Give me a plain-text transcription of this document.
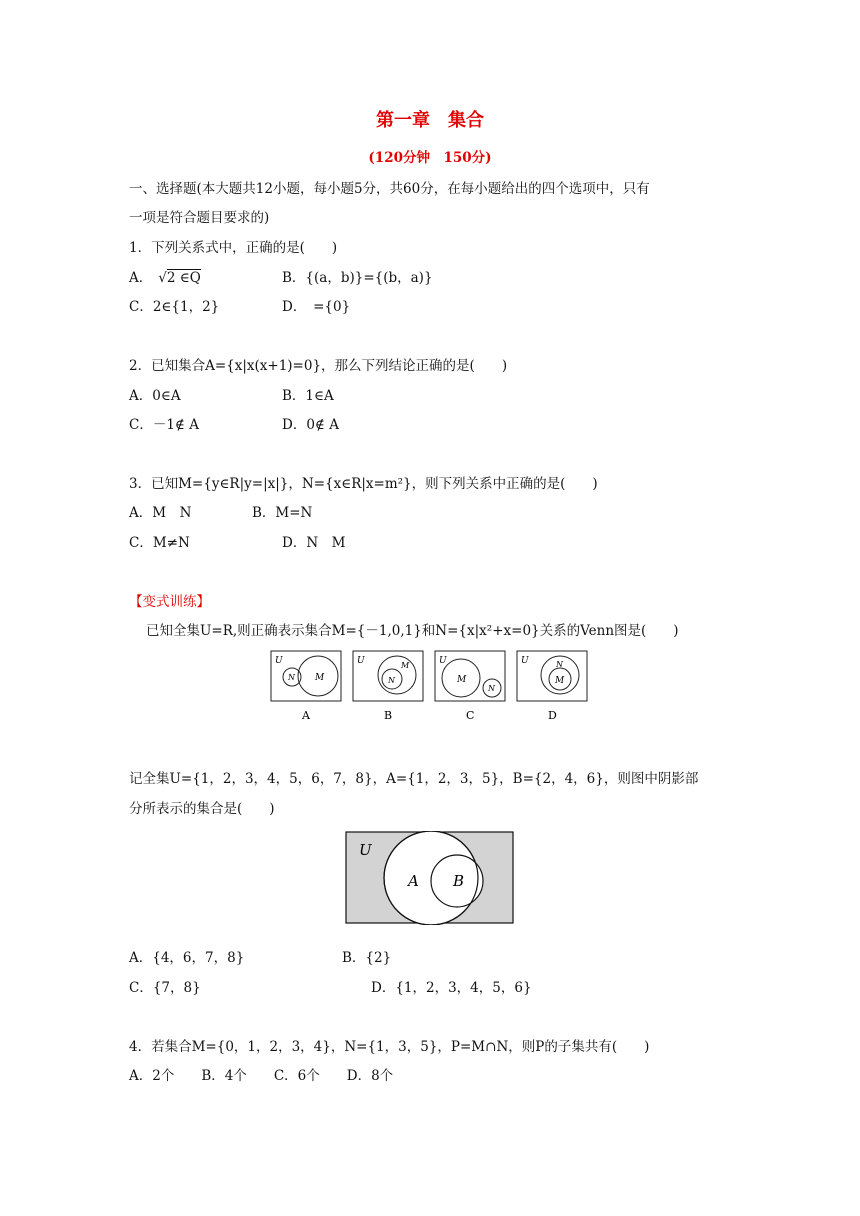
第一章　集合
(120分钟　150分)
一、选择题(本大题共12小题，每小题5分，共60分，在每小题给出的四个选项中，只有
一项是符合题目要求的)
1．下列关系式中，正确的是(　　)
A． √2 ∈Q	B．{(a，b)}={(b，a)}
C．2∈{1，2}	D．　={0}
2．已知集合A={x|x(x+1)=0}，那么下列结论正确的是(　　)
A．0∈A	B．1∈A
C．－1∉ A	D．0∉ A
3．已知M={y∈R|y=|x|}，N={x∈R|x=m²}，则下列关系中正确的是(　　)
A．M　N	B．M=N
C．M≠N	D．N　M
【变式训练】
已知全集U=R,则正确表示集合M={－1,0,1}和N={x|x²+x=0}关系的Venn图是(　　)
U
N M
A
U	M
N
B
U
M
N
C
U	N
M
D
记全集U={1，2，3，4，5，6，7，8}，A={1，2，3，5}，B={2，4，6}，则图中阴影部
分所表示的集合是(　　)
U
A B
A．{4，6，7，8}	B．{2}
C．{7，8}	D．{1，2，3，4，5，6}
4．若集合M={0，1，2，3，4}，N={1，3，5}，P=M∩N，则P的子集共有(　　)
A．2个　　B．4个　　C．6个　　D．8个
